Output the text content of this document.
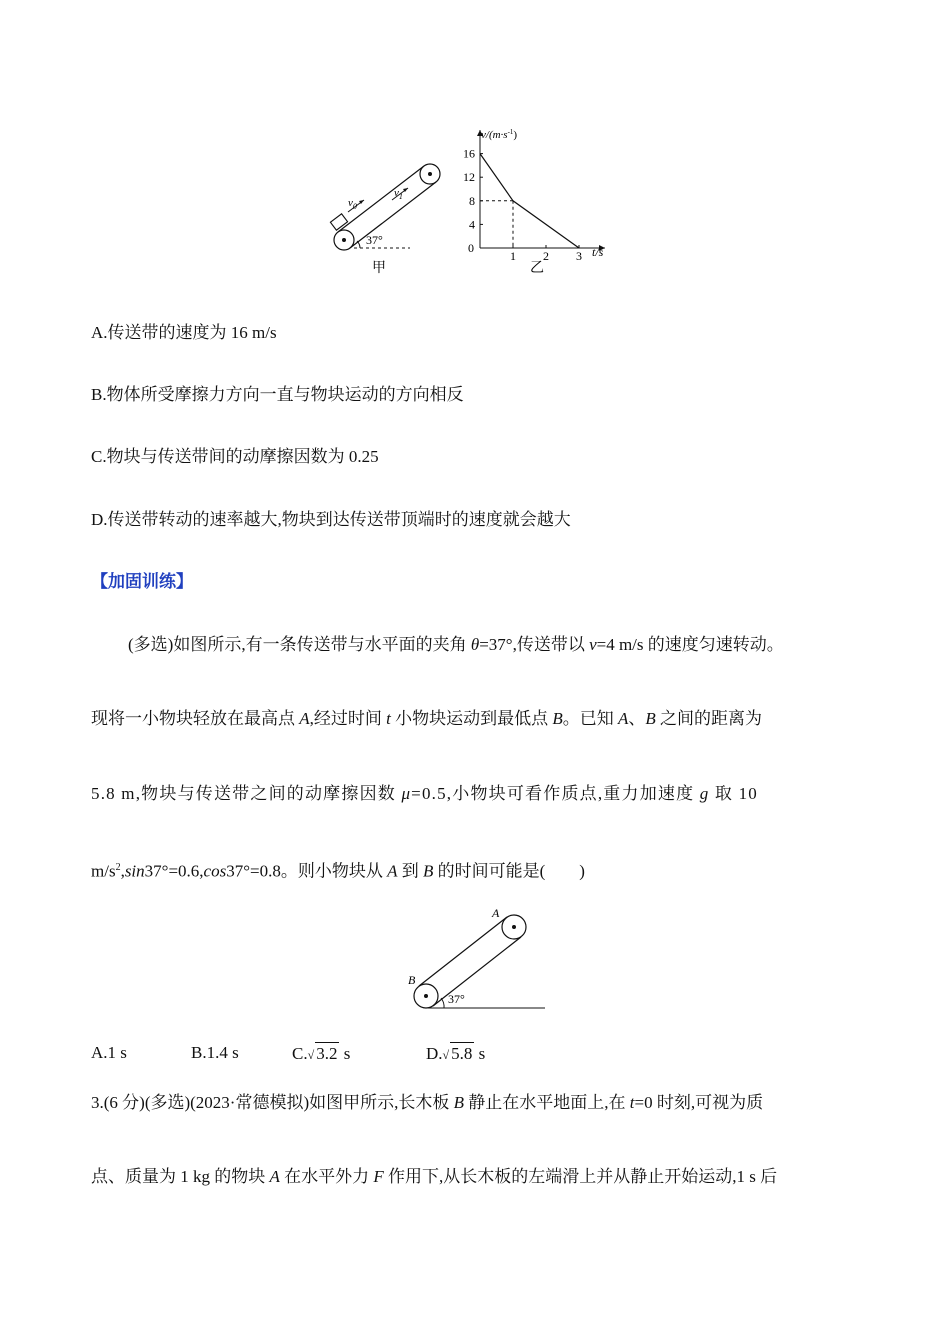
37°
$v_0$
$v_1$
甲
$v/(m\cdot s^{-1})$
t/s
0
1 2 3
4
8
12
16
乙
A.传送带的速度为 16 m/s
B.物体所受摩擦力方向一直与物块运动的方向相反
C.物块与传送带间的动摩擦因数为 0.25
D.传送带转动的速率越大,物块到达传送带顶端时的速度就会越大
【加固训练】
(多选)如图所示,有一条传送带与水平面的夹角 θ=37°,传送带以 v=4 m/s 的速度匀速转动。
现将一小物块轻放在最高点 A,经过时间 t 小物块运动到最低点 B。已知 A、B 之间的距离为
5.8 m,物块与传送带之间的动摩擦因数 μ=0.5,小物块可看作质点,重力加速度 g 取 10
$m/s^2,\sin 37^\circ=0.6,\cos 37^\circ=0.8$。则小物块从 A 到 B 的时间可能是(　　)
37°
A
B
A.1 s	B.1.4 s	C.√ 3.2 s	D.√ 5.8 s
3.(6 分)(多选)(2023·常德模拟)如图甲所示,长木板 B 静止在水平地面上,在 t=0 时刻,可视为质
点、质量为 1 kg 的物块 A 在水平外力 F 作用下,从长木板的左端滑上并从静止开始运动,1 s 后
